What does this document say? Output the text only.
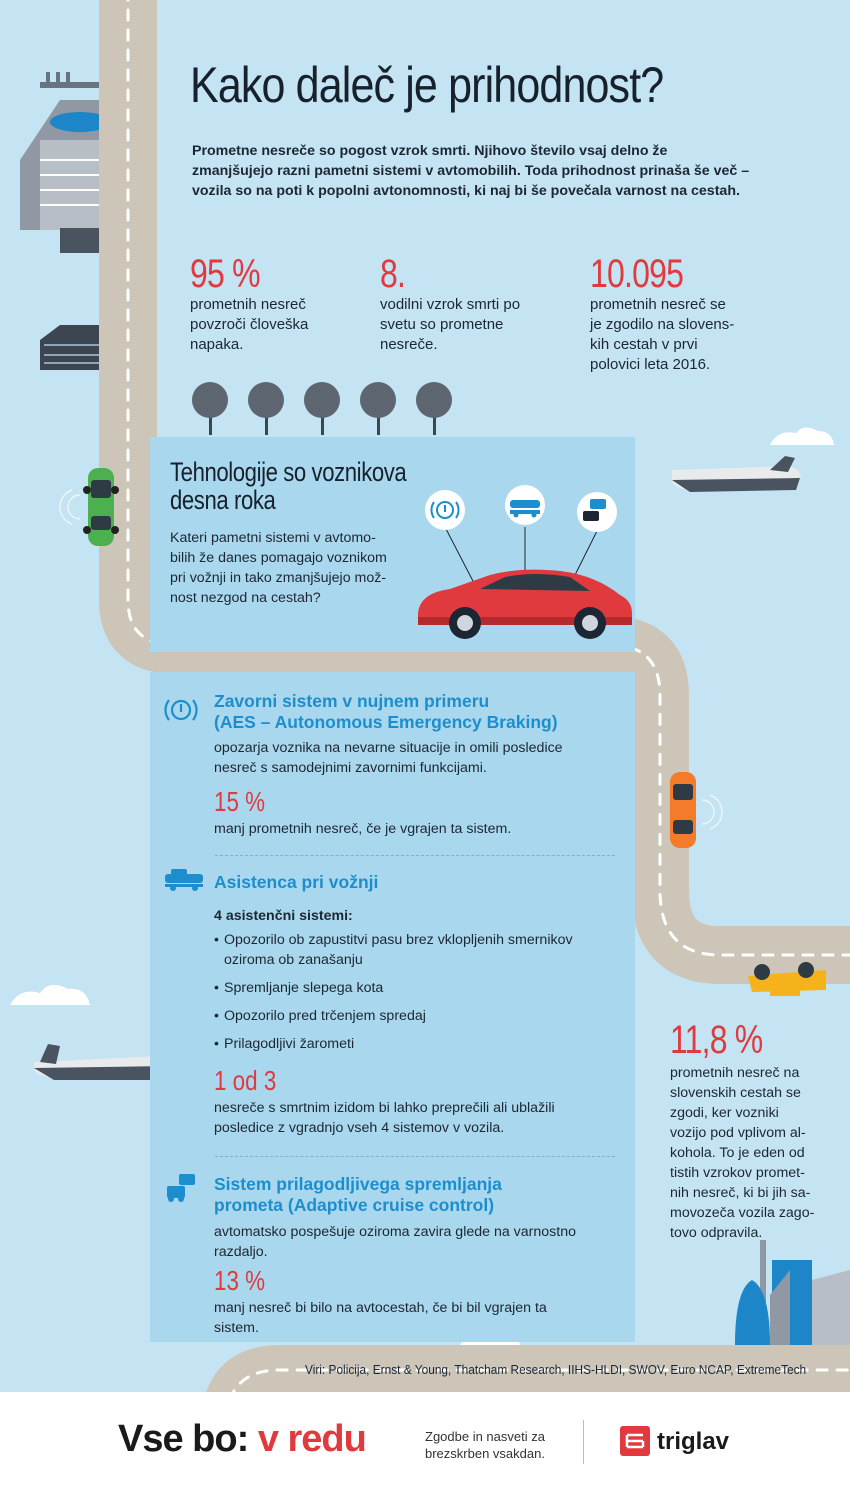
Kako daleč je prihodnost?
Prometne nesreče so pogost vzrok smrti. Njihovo število vsaj delno že zmanjšujejo razni pametni sistemi v avtomobilih. Toda prihodnost prinaša še več – vozila so na poti k popolni avtonomnosti, ki naj bi še povečala varnost na cestah.
95 %
prometnih nesreč
povzroči človeška
napaka.
8.
vodilni vzrok smrti po
svetu so prometne
nesreče.
10.095
prometnih nesreč se
je zgodilo na slovens-
kih cestah v prvi
polovici leta 2016.
Tehnologije so voznikova
desna roka
Kateri pametni sistemi v avtomo-
bilih že danes pomagajo voznikom
pri vožnji in tako zmanjšujejo mož-
nost nezgod na cestah?
Zavorni sistem v nujnem primeru
(AES – Autonomous Emergency Braking)
opozarja voznika na nevarne situacije in omili posledice
nesreč s samodejnimi zavornimi funkcijami.
15 %
manj prometnih nesreč, če je vgrajen ta sistem.
Asistenca pri vožnji
4 asistenčni sistemi:
• Opozorilo ob zapustitvi pasu brez vklopljenih smernikov
oziroma ob zanašanju
• Spremljanje slepega kota
• Opozorilo pred trčenjem spredaj
• Prilagodljivi žarometi
1 od 3
nesreče s smrtnim izidom bi lahko preprečili ali ublažili
posledice z vgradnjo vseh 4 sistemov v vozila.
Sistem prilagodljivega spremljanja
prometa (Adaptive cruise control)
avtomatsko pospešuje oziroma zavira glede na varnostno
razdaljo.
13 %
manj nesreč bi bilo na avtocestah, če bi bil vgrajen ta
sistem.
11,8 %
prometnih nesreč na
slovenskih cestah se
zgodi, ker vozniki
vozijo pod vplivom al-
kohola. To je eden od
tistih vzrokov promet-
nih nesreč, ki bi jih sa-
movozeča vozila zago-
tovo odpravila.
Viri: Policija, Ernst & Young, Thatcham Research, IIHS-HLDI, SWOV, Euro NCAP, ExtremeTech
Vse bo: v redu	Zgodbe in nasveti za
brezskrben vsakdan.	triglav
